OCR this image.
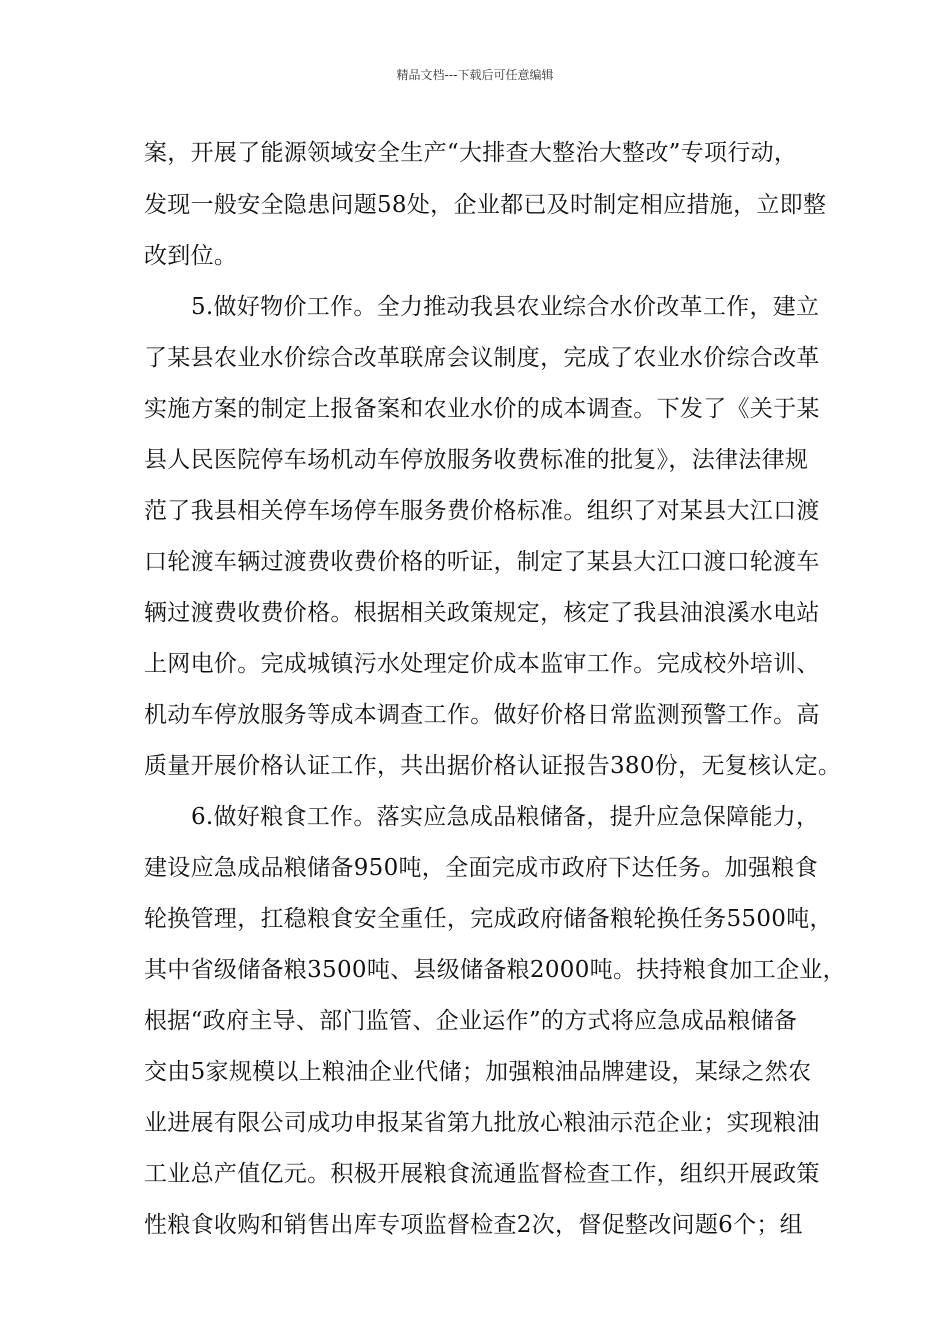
精品文档---下载后可任意编辑
案，开展了能源领域安全生产“大排查大整治大整改”专项行动，
发现一般安全隐患问题58处，企业都已及时制定相应措施，立即整
改到位。
5.做好物价工作。全力推动我县农业综合水价改革工作，建立
了某县农业水价综合改革联席会议制度，完成了农业水价综合改革
实施方案的制定上报备案和农业水价的成本调查。下发了《关于某
县人民医院停车场机动车停放服务收费标准的批复》，法律法律规
范了我县相关停车场停车服务费价格标准。组织了对某县大江口渡
口轮渡车辆过渡费收费价格的听证，制定了某县大江口渡口轮渡车
辆过渡费收费价格。根据相关政策规定，核定了我县油浪溪水电站
上网电价。完成城镇污水处理定价成本监审工作。完成校外培训、
机动车停放服务等成本调查工作。做好价格日常监测预警工作。高
质量开展价格认证工作，共出据价格认证报告380份，无复核认定。
6.做好粮食工作。落实应急成品粮储备，提升应急保障能力，
建设应急成品粮储备950吨，全面完成市政府下达任务。加强粮食
轮换管理，扛稳粮食安全重任，完成政府储备粮轮换任务5500吨，
其中省级储备粮3500吨、县级储备粮2000吨。扶持粮食加工企业，
根据“政府主导、部门监管、企业运作”的方式将应急成品粮储备
交由5家规模以上粮油企业代储；加强粮油品牌建设，某绿之然农
业进展有限公司成功申报某省第九批放心粮油示范企业；实现粮油
工业总产值亿元。积极开展粮食流通监督检查工作，组织开展政策
性粮食收购和销售出库专项监督检查2次，督促整改问题6个；组
